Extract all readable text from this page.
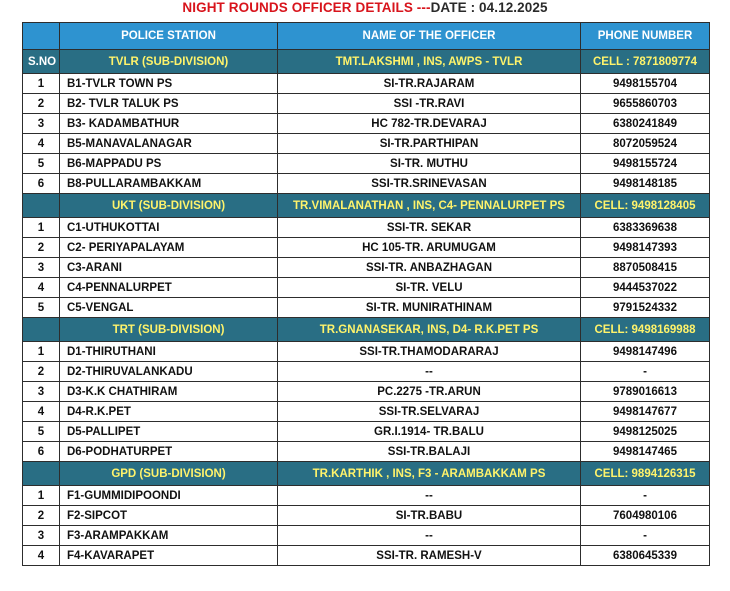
NIGHT ROUNDS OFFICER DETAILS ---DATE : 04.12.2025
	POLICE STATION	NAME OF THE OFFICER	PHONE NUMBER
S.NO	TVLR (SUB-DIVISION)	TMT.LAKSHMI , INS, AWPS - TVLR	CELL : 7871809774
1	B1-TVLR TOWN PS	SI-TR.RAJARAM	9498155704
2	B2- TVLR TALUK PS	SSI -TR.RAVI	9655860703
3	B3- KADAMBATHUR	HC 782-TR.DEVARAJ	6380241849
4	B5-MANAVALANAGAR	SI-TR.PARTHIPAN	8072059524
5	B6-MAPPADU PS	SI-TR. MUTHU	9498155724
6	B8-PULLARAMBAKKAM	SSI-TR.SRINEVASAN	9498148185
	UKT (SUB-DIVISION)	TR.VIMALANATHAN , INS, C4- PENNALURPET PS	CELL: 9498128405
1	C1-UTHUKOTTAI	SSI-TR. SEKAR	6383369638
2	C2- PERIYAPALAYAM	HC 105-TR. ARUMUGAM	9498147393
3	C3-ARANI	SSI-TR. ANBAZHAGAN	8870508415
4	C4-PENNALURPET	SI-TR. VELU	9444537022
5	C5-VENGAL	SI-TR. MUNIRATHINAM	9791524332
	TRT (SUB-DIVISION)	TR.GNANASEKAR, INS, D4- R.K.PET PS	CELL: 9498169988
1	D1-THIRUTHANI	SSI-TR.THAMODARARAJ	9498147496
2	D2-THIRUVALANKADU	--	-
3	D3-K.K CHATHIRAM	PC.2275 -TR.ARUN	9789016613
4	D4-R.K.PET	SSI-TR.SELVARAJ	9498147677
5	D5-PALLIPET	GR.I.1914- TR.BALU	9498125025
6	D6-PODHATURPET	SSI-TR.BALAJI	9498147465
	GPD (SUB-DIVISION)	TR.KARTHIK , INS, F3 - ARAMBAKKAM PS	CELL: 9894126315
1	F1-GUMMIDIPOONDI	--	-
2	F2-SIPCOT	SI-TR.BABU	7604980106
3	F3-ARAMPAKKAM	--	-
4	F4-KAVARAPET	SSI-TR. RAMESH-V	6380645339
